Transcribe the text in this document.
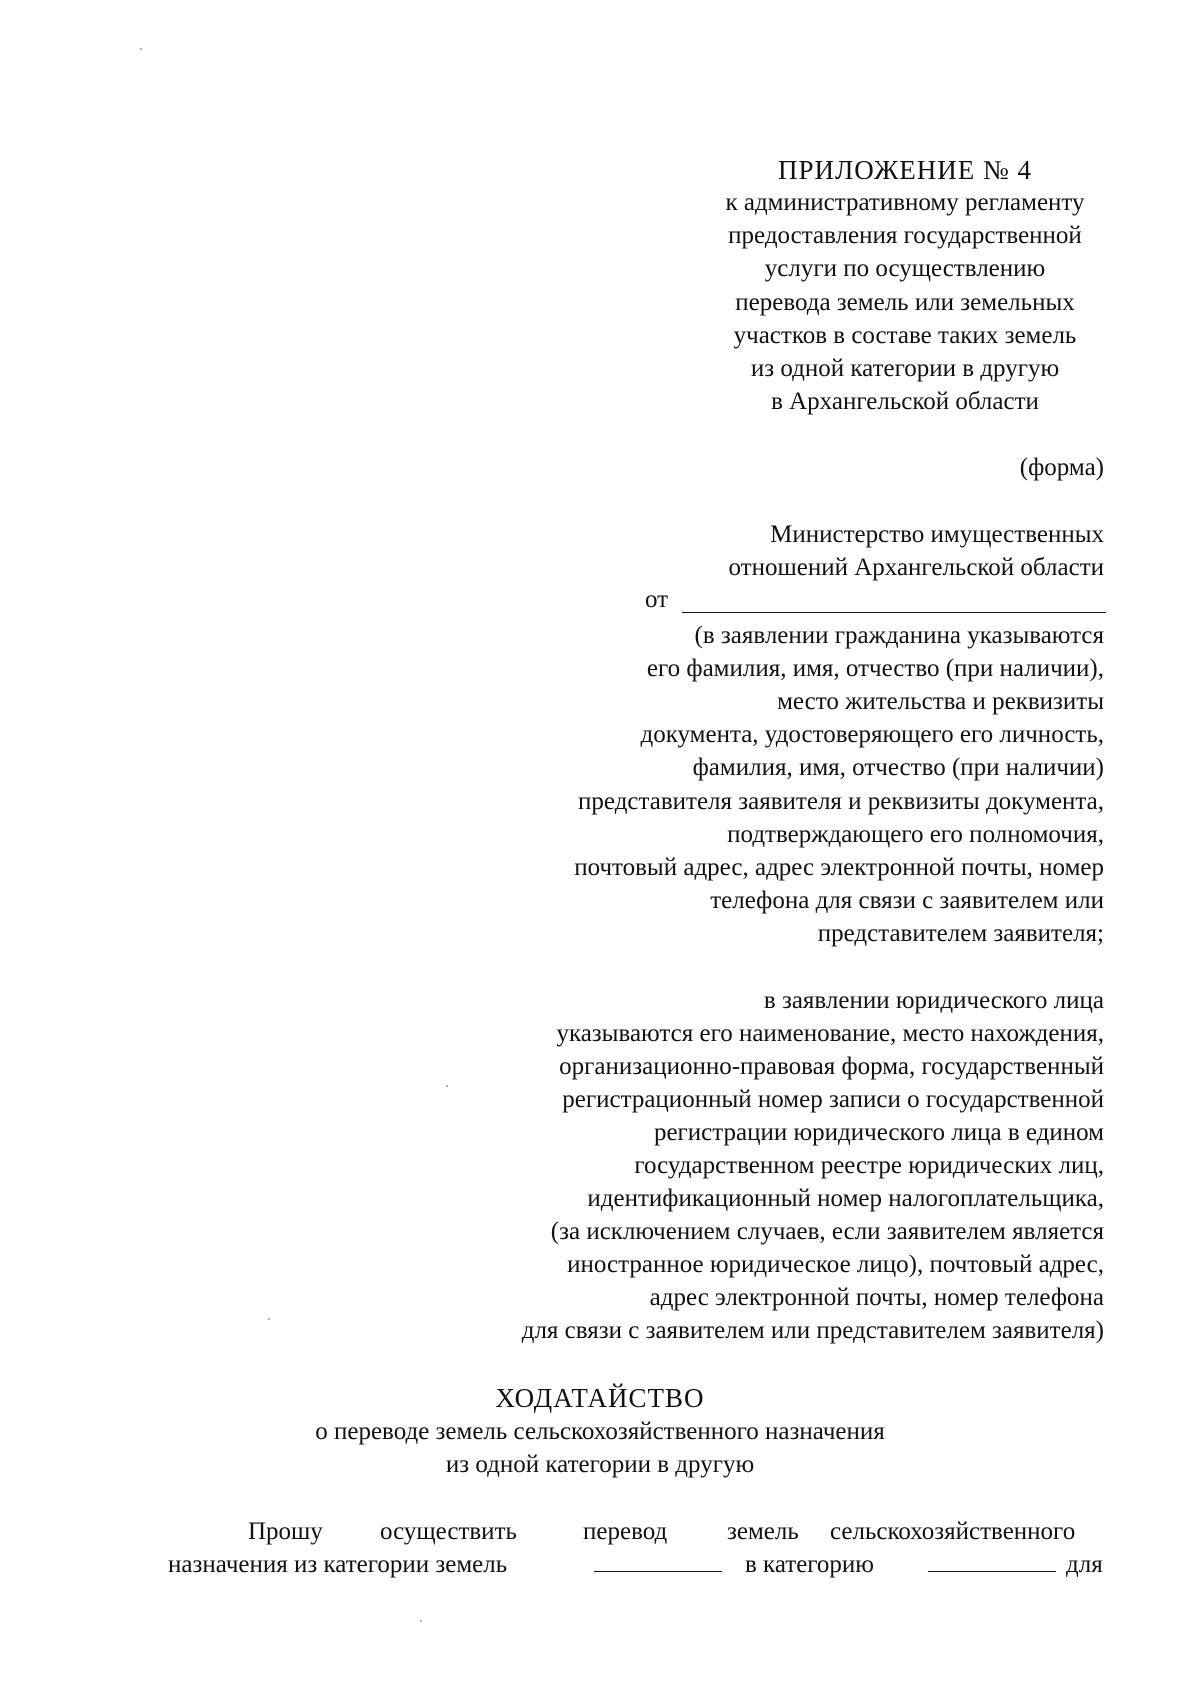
ПРИЛОЖЕНИЕ № 4
к административному регламенту
предоставления государственной
услуги по осуществлению
перевода земель или земельных
участков в составе таких земель
из одной категории в другую
в Архангельской области
(форма)
Министерство имущественных
отношений Архангельской области
от
(в заявлении гражданина указываются
его фамилия, имя, отчество (при наличии),
место жительства и реквизиты
документа, удостоверяющего его личность,
фамилия, имя, отчество (при наличии)
представителя заявителя и реквизиты документа,
подтверждающего его полномочия,
почтовый адрес, адрес электронной почты, номер
телефона для связи с заявителем или
представителем заявителя;
в заявлении юридического лица
указываются его наименование, место нахождения,
организационно-правовая форма, государственный
регистрационный номер записи о государственной
регистрации юридического лица в едином
государственном реестре юридических лиц,
идентификационный номер налогоплательщика,
(за исключением случаев, если заявителем является
иностранное юридическое лицо), почтовый адрес,
адрес электронной почты, номер телефона
для связи с заявителем или представителем заявителя)
ХОДАТАЙСТВО
о переводе земель сельскохозяйственного назначения
из одной категории в другую
Прошу осуществить	перевод земель сельскохозяйственного
назначения из категории земель	в категорию	для
